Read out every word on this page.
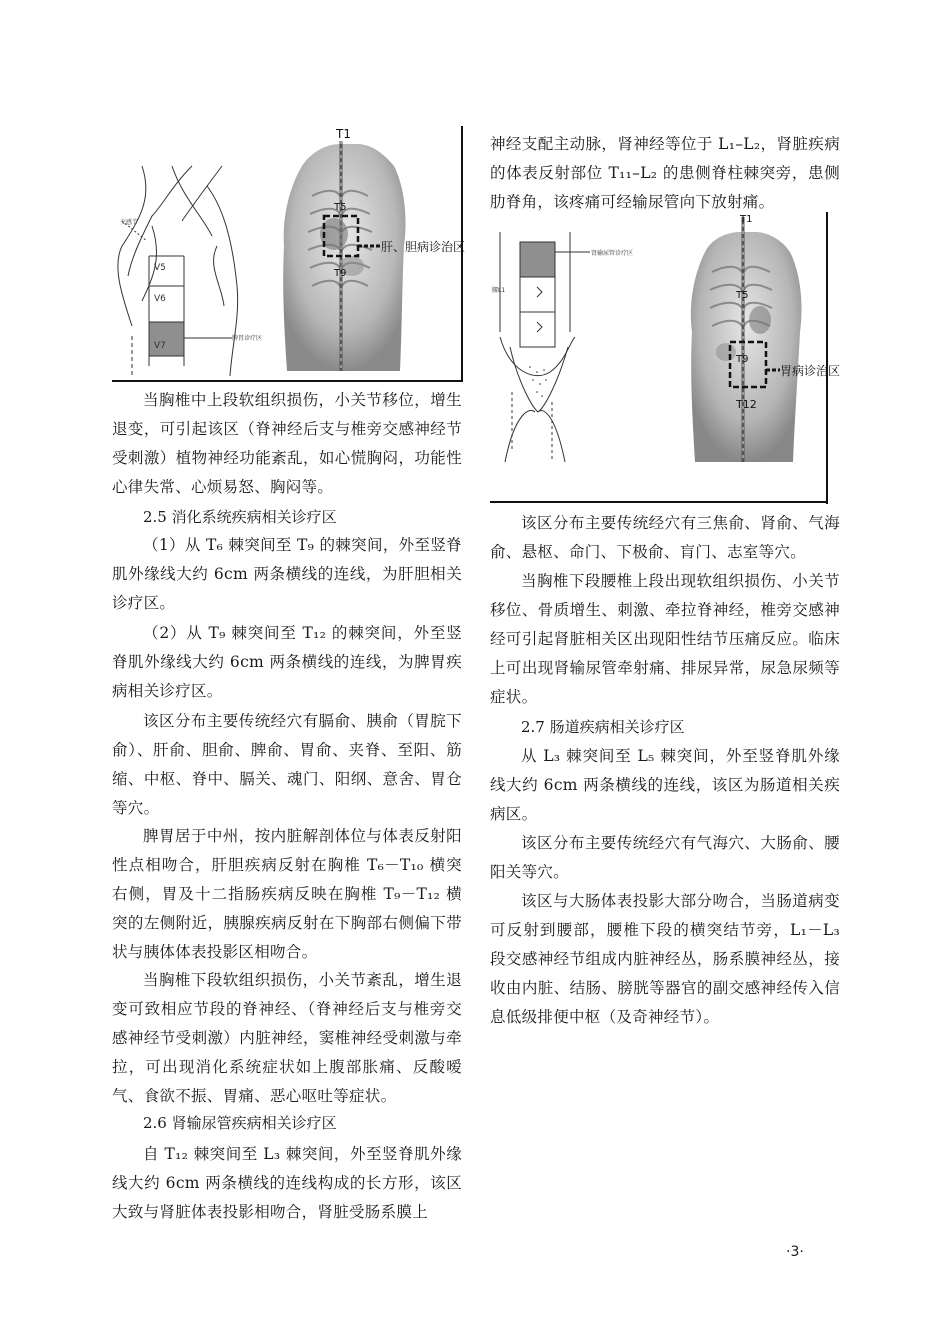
V5
V6
V7
交感节
脾胃诊疗区
T1
T5
T9
肝、胆病诊治区	肾输尿管诊疗区
腰L1
T1
T5
T9
T12
胃病诊治区

当胸椎中上段软组织损伤，小关节移位，增生退变，可引起该区（脊神经后支与椎旁交感神经节受刺激）植物神经功能紊乱，如心慌胸闷，功能性心律失常、心烦易怒、胸闷等。

2.5 消化系统疾病相关诊疗区

（1）从 T₆ 棘突间至 T₉ 的棘突间，外至竖脊肌外缘线大约 6cm 两条横线的连线，为肝胆相关诊疗区。

（2）从 T₉ 棘突间至 T₁₂ 的棘突间，外至竖脊肌外缘线大约 6cm 两条横线的连线，为脾胃疾病相关诊疗区。

该区分布主要传统经穴有膈俞、胰俞（胃脘下俞）、肝俞、胆俞、脾俞、胃俞、夹脊、至阳、筋缩、中枢、脊中、膈关、魂门、阳纲、意舍、胃仓等穴。

脾胃居于中州，按内脏解剖体位与体表反射阳性点相吻合，肝胆疾病反射在胸椎 T₆－T₁₀ 横突右侧，胃及十二指肠疾病反映在胸椎 T₉－T₁₂ 横突的左侧附近，胰腺疾病反射在下胸部右侧偏下带状与胰体体表投影区相吻合。

当胸椎下段软组织损伤，小关节紊乱，增生退变可致相应节段的脊神经、（脊神经后支与椎旁交感神经节受刺激）内脏神经，窦椎神经受刺激与牵拉，可出现消化系统症状如上腹部胀痛、反酸嗳气、食欲不振、胃痛、恶心呕吐等症状。

2.6 肾输尿管疾病相关诊疗区

自 T₁₂ 棘突间至 L₃ 棘突间，外至竖脊肌外缘线大约 6cm 两条横线的连线构成的长方形，该区大致与肾脏体表投影相吻合，肾脏受肠系膜上

神经支配主动脉，肾神经等位于 L₁–L₂，肾脏疾病的体表反射部位 T₁₁–L₂ 的患侧脊柱棘突旁，患侧肋脊角，该疼痛可经输尿管向下放射痛。

该区分布主要传统经穴有三焦俞、肾俞、气海俞、悬枢、命门、下极俞、肓门、志室等穴。

当胸椎下段腰椎上段出现软组织损伤、小关节移位、骨质增生、刺激、牵拉脊神经，椎旁交感神经可引起肾脏相关区出现阳性结节压痛反应。临床上可出现肾输尿管牵射痛、排尿异常，尿急尿频等症状。

2.7 肠道疾病相关诊疗区

从 L₃ 棘突间至 L₅ 棘突间，外至竖脊肌外缘线大约 6cm 两条横线的连线，该区为肠道相关疾病区。

该区分布主要传统经穴有气海穴、大肠俞、腰阳关等穴。

该区与大肠体表投影大部分吻合，当肠道病变可反射到腰部，腰椎下段的横突结节旁，L₁－L₃ 段交感神经节组成内脏神经丛，肠系膜神经丛，接收由内脏、结肠、膀胱等器官的副交感神经传入信息低级排便中枢（及奇神经节）。

·3·
